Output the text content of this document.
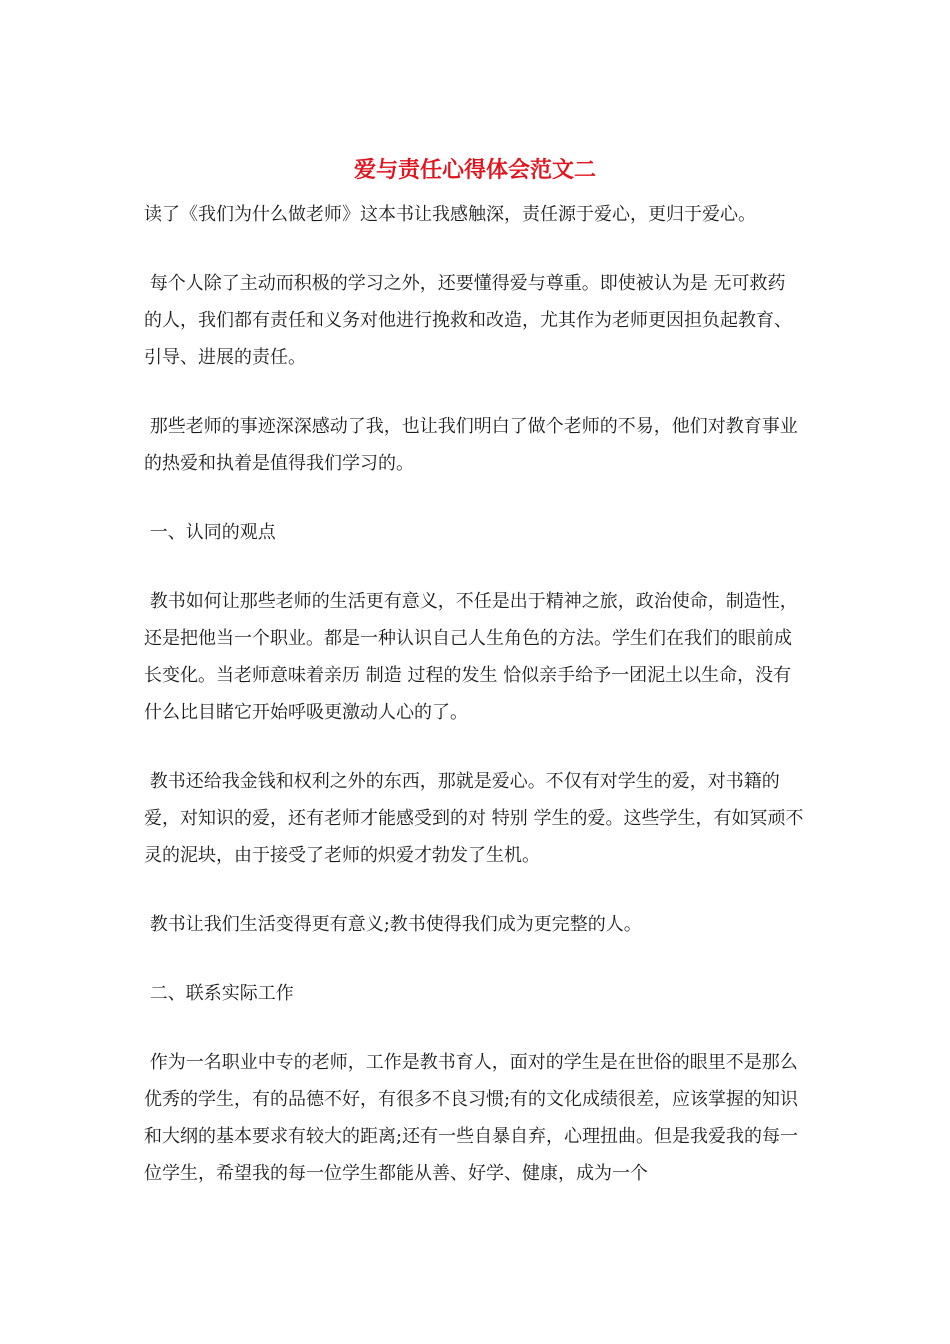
爱与责任心得体会范文二

读了《我们为什么做老师》这本书让我感触深，责任源于爱心，更归于爱心。

每个人除了主动而积极的学习之外，还要懂得爱与尊重。即使被认为是 无可救药 的人，我们都有责任和义务对他进行挽救和改造，尤其作为老师更因担负起教育、引导、进展的责任。

那些老师的事迹深深感动了我，也让我们明白了做个老师的不易，他们对教育事业的热爱和执着是值得我们学习的。

一、认同的观点

教书如何让那些老师的生活更有意义，不任是出于精神之旅，政治使命，制造性，还是把他当一个职业。都是一种认识自己人生角色的方法。学生们在我们的眼前成长变化。当老师意味着亲历 制造 过程的发生 恰似亲手给予一团泥土以生命，没有什么比目睹它开始呼吸更激动人心的了。

教书还给我金钱和权利之外的东西，那就是爱心。不仅有对学生的爱，对书籍的爱，对知识的爱，还有老师才能感受到的对 特别 学生的爱。这些学生，有如冥顽不灵的泥块，由于接受了老师的炽爱才勃发了生机。

教书让我们生活变得更有意义;教书使得我们成为更完整的人。

二、联系实际工作

作为一名职业中专的老师，工作是教书育人，面对的学生是在世俗的眼里不是那么优秀的学生，有的品德不好，有很多不良习惯;有的文化成绩很差，应该掌握的知识和大纲的基本要求有较大的距离;还有一些自暴自弃，心理扭曲。但是我爱我的每一位学生，希望我的每一位学生都能从善、好学、健康，成为一个
